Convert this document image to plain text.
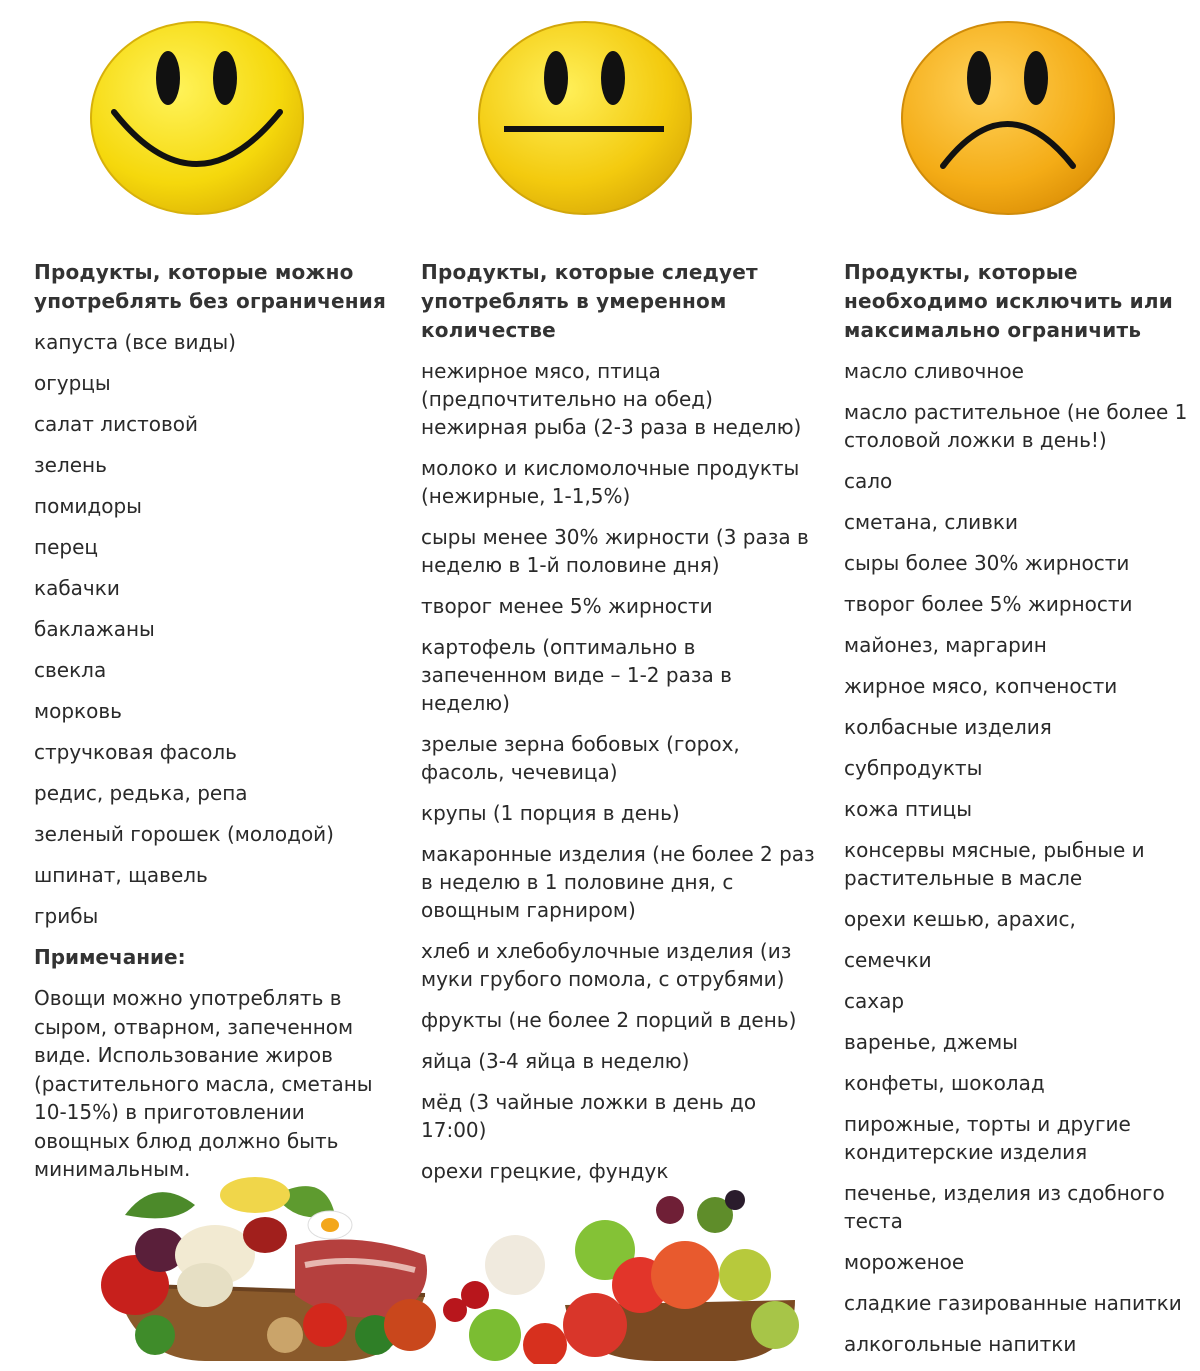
Продукты, которые можно употреблять без ограничения
капуста (все виды)
огурцы
салат листовой
зелень
помидоры
перец
кабачки
баклажаны
свекла
морковь
стручковая фасоль
редис, редька, репа
зеленый горошек (молодой)
шпинат, щавель
грибы
Примечание:

Овощи можно употреблять в сыром, отварном, запеченном виде. Использование жиров (растительного масла, сметаны 10-15%) в приготовлении овощных блюд должно быть минимальным.

Продукты, которые следует употреблять в умеренном количестве
нежирное мясо, птица (предпочтительно на обед) нежирная рыба (2-3 раза в неделю)
молоко и кисломолочные продукты (нежирные, 1-1,5%)
сыры менее 30% жирности (3 раза в неделю в 1-й половине дня)
творог менее 5% жирности
картофель (оптимально в запеченном виде – 1-2 раза в неделю)
зрелые зерна бобовых (горох, фасоль, чечевица)
крупы (1 порция в день)
макаронные изделия (не более 2 раз в неделю в 1 половине дня, с овощным гарниром)
хлеб и хлебобулочные изделия (из муки грубого помола, с отрубями)
фрукты (не более 2 порций в день)
яйца (3-4 яйца в неделю)
мёд (3 чайные ложки в день до 17:00)
орехи грецкие, фундук
Продукты, которые необходимо исключить или максимально ограничить
масло сливочное
масло растительное (не более 1 столовой ложки в день!)
сало
сметана, сливки
сыры более 30% жирности
творог более 5% жирности
майонез, маргарин
жирное мясо, копчености
колбасные изделия
субпродукты
кожа птицы
консервы мясные, рыбные и растительные в масле
орехи кешью, арахис,
семечки
сахар
варенье, джемы
конфеты, шоколад
пирожные, торты и другие кондитерские изделия
печенье, изделия из сдобного теста
мороженое
сладкие газированные напитки
алкогольные напитки
